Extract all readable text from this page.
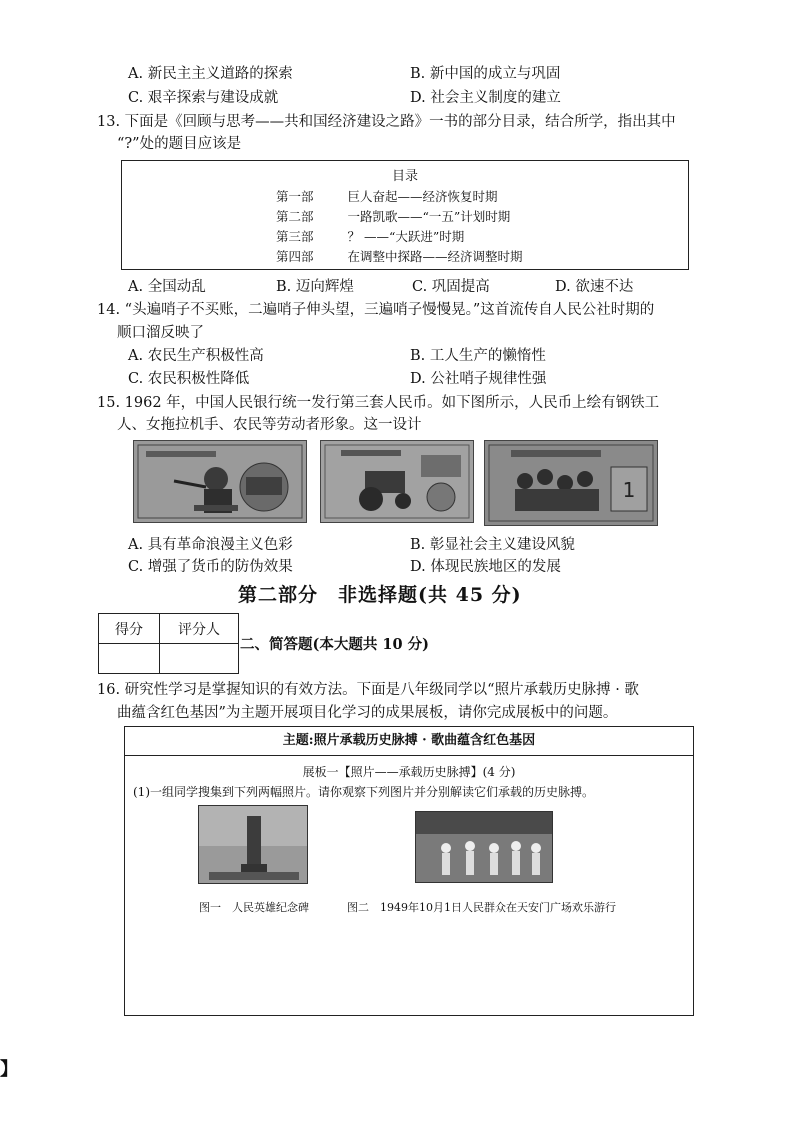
A. 新民主主义道路的探索	B. 新中国的成立与巩固
C. 艰辛探索与建设成就	D. 社会主义制度的建立
13. 下面是《回顾与思考——共和国经济建设之路》一书的部分目录，结合所学，指出其中
“?”处的题目应该是
目录
第一部	巨人奋起——经济恢复时期
第二部	一路凯歌——“一五”计划时期
第三部	？ ——“大跃进”时期
第四部	在调整中探路——经济调整时期
A. 全国动乱	B. 迈向辉煌	C. 巩固提高	D. 欲速不达
14. “头遍哨子不买账，二遍哨子伸头望，三遍哨子慢慢晃。”这首流传自人民公社时期的
顺口溜反映了
A. 农民生产积极性高	B. 工人生产的懒惰性
C. 农民积极性降低	D. 公社哨子规律性强
15. 1962 年，中国人民银行统一发行第三套人民币。如下图所示，人民币上绘有钢铁工
人、女拖拉机手、农民等劳动者形象。这一设计
1
A. 具有革命浪漫主义色彩	B. 彰显社会主义建设风貌
C. 增强了货币的防伪效果	D. 体现民族地区的发展
第二部分　非选择题(共 45 分)
得分	评分人

二、简答题(本大题共 10 分)
16. 研究性学习是掌握知识的有效方法。下面是八年级同学以“照片承载历史脉搏 · 歌
曲蕴含红色基因”为主题开展项目化学习的成果展板，请你完成展板中的问题。
主题:照片承载历史脉搏 · 歌曲蕴含红色基因
展板一【照片——承载历史脉搏】(4 分)
(1)一组同学搜集到下列两幅照片。请你观察下列图片并分别解读它们承载的历史脉搏。
图一　人民英雄纪念碑	图二　1949年10月1日人民群众在天安门广场欢乐游行
】
